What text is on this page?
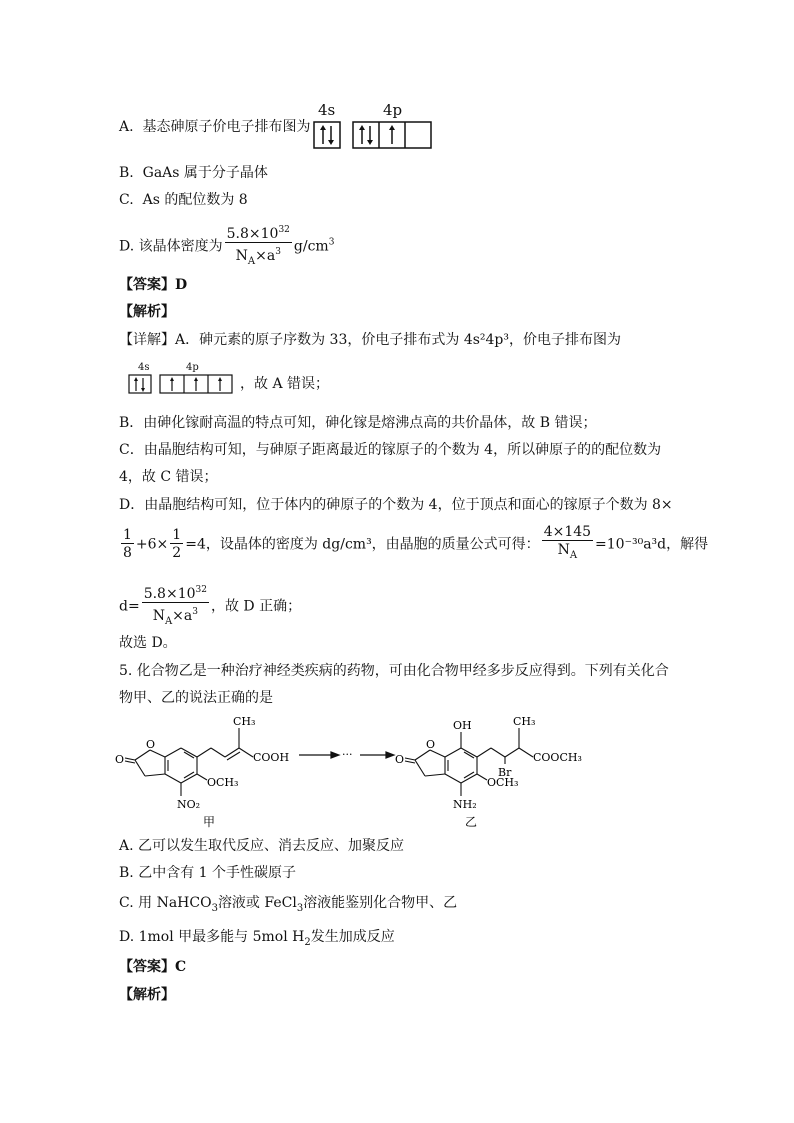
A. 基态砷原子价电子排布图为
4s	4p
B. GaAs 属于分子晶体
C. As 的配位数为 8
D. 该晶体密度为 $\frac{5.8\times 10^{32}}{N_A\times a^3} g/cm^3$
【答案】D
【解析】
【详解】A．砷元素的原子序数为 33，价电子排布式为 4s²4p³，价电子排布图为
4s	4p
，故 A 错误；
B．由砷化镓耐高温的特点可知，砷化镓是熔沸点高的共价晶体，故 B 错误；
C．由晶胞结构可知，与砷原子距离最近的镓原子的个数为 4，所以砷原子的的配位数为
4，故 C 错误；
D．由晶胞结构可知，位于体内的砷原子的个数为 4，位于顶点和面心的镓原子个数为 8×
$\frac{1}{8} +6\times \frac{1}{2} =4$，设晶体的密度为 dg/cm³，由晶胞的质量公式可得： $\frac{4\times 145}{N_A} =10^{-30}a^3d$，解得
$d= \frac{5.8\times 10^{32}}{N_A\times a^3}$ ，故 D 正确；
故选 D。
5. 化合物乙是一种治疗神经类疾病的药物，可由化合物甲经多步反应得到。下列有关化合
物甲、乙的说法正确的是
O
O
CH₃
COOH
OCH₃
NO₂
甲
···
O
O
OH	CH₃
Br
COOCH₃
OCH₃
NH₂
乙
A. 乙可以发生取代反应、消去反应、加聚反应
B. 乙中含有 1 个手性碳原子
C. 用 NaHCO$_3$溶液或 FeCl$_3$溶液能鉴别化合物甲、乙
D. 1mol 甲最多能与 5mol $H_2$发生加成反应
【答案】C
【解析】
